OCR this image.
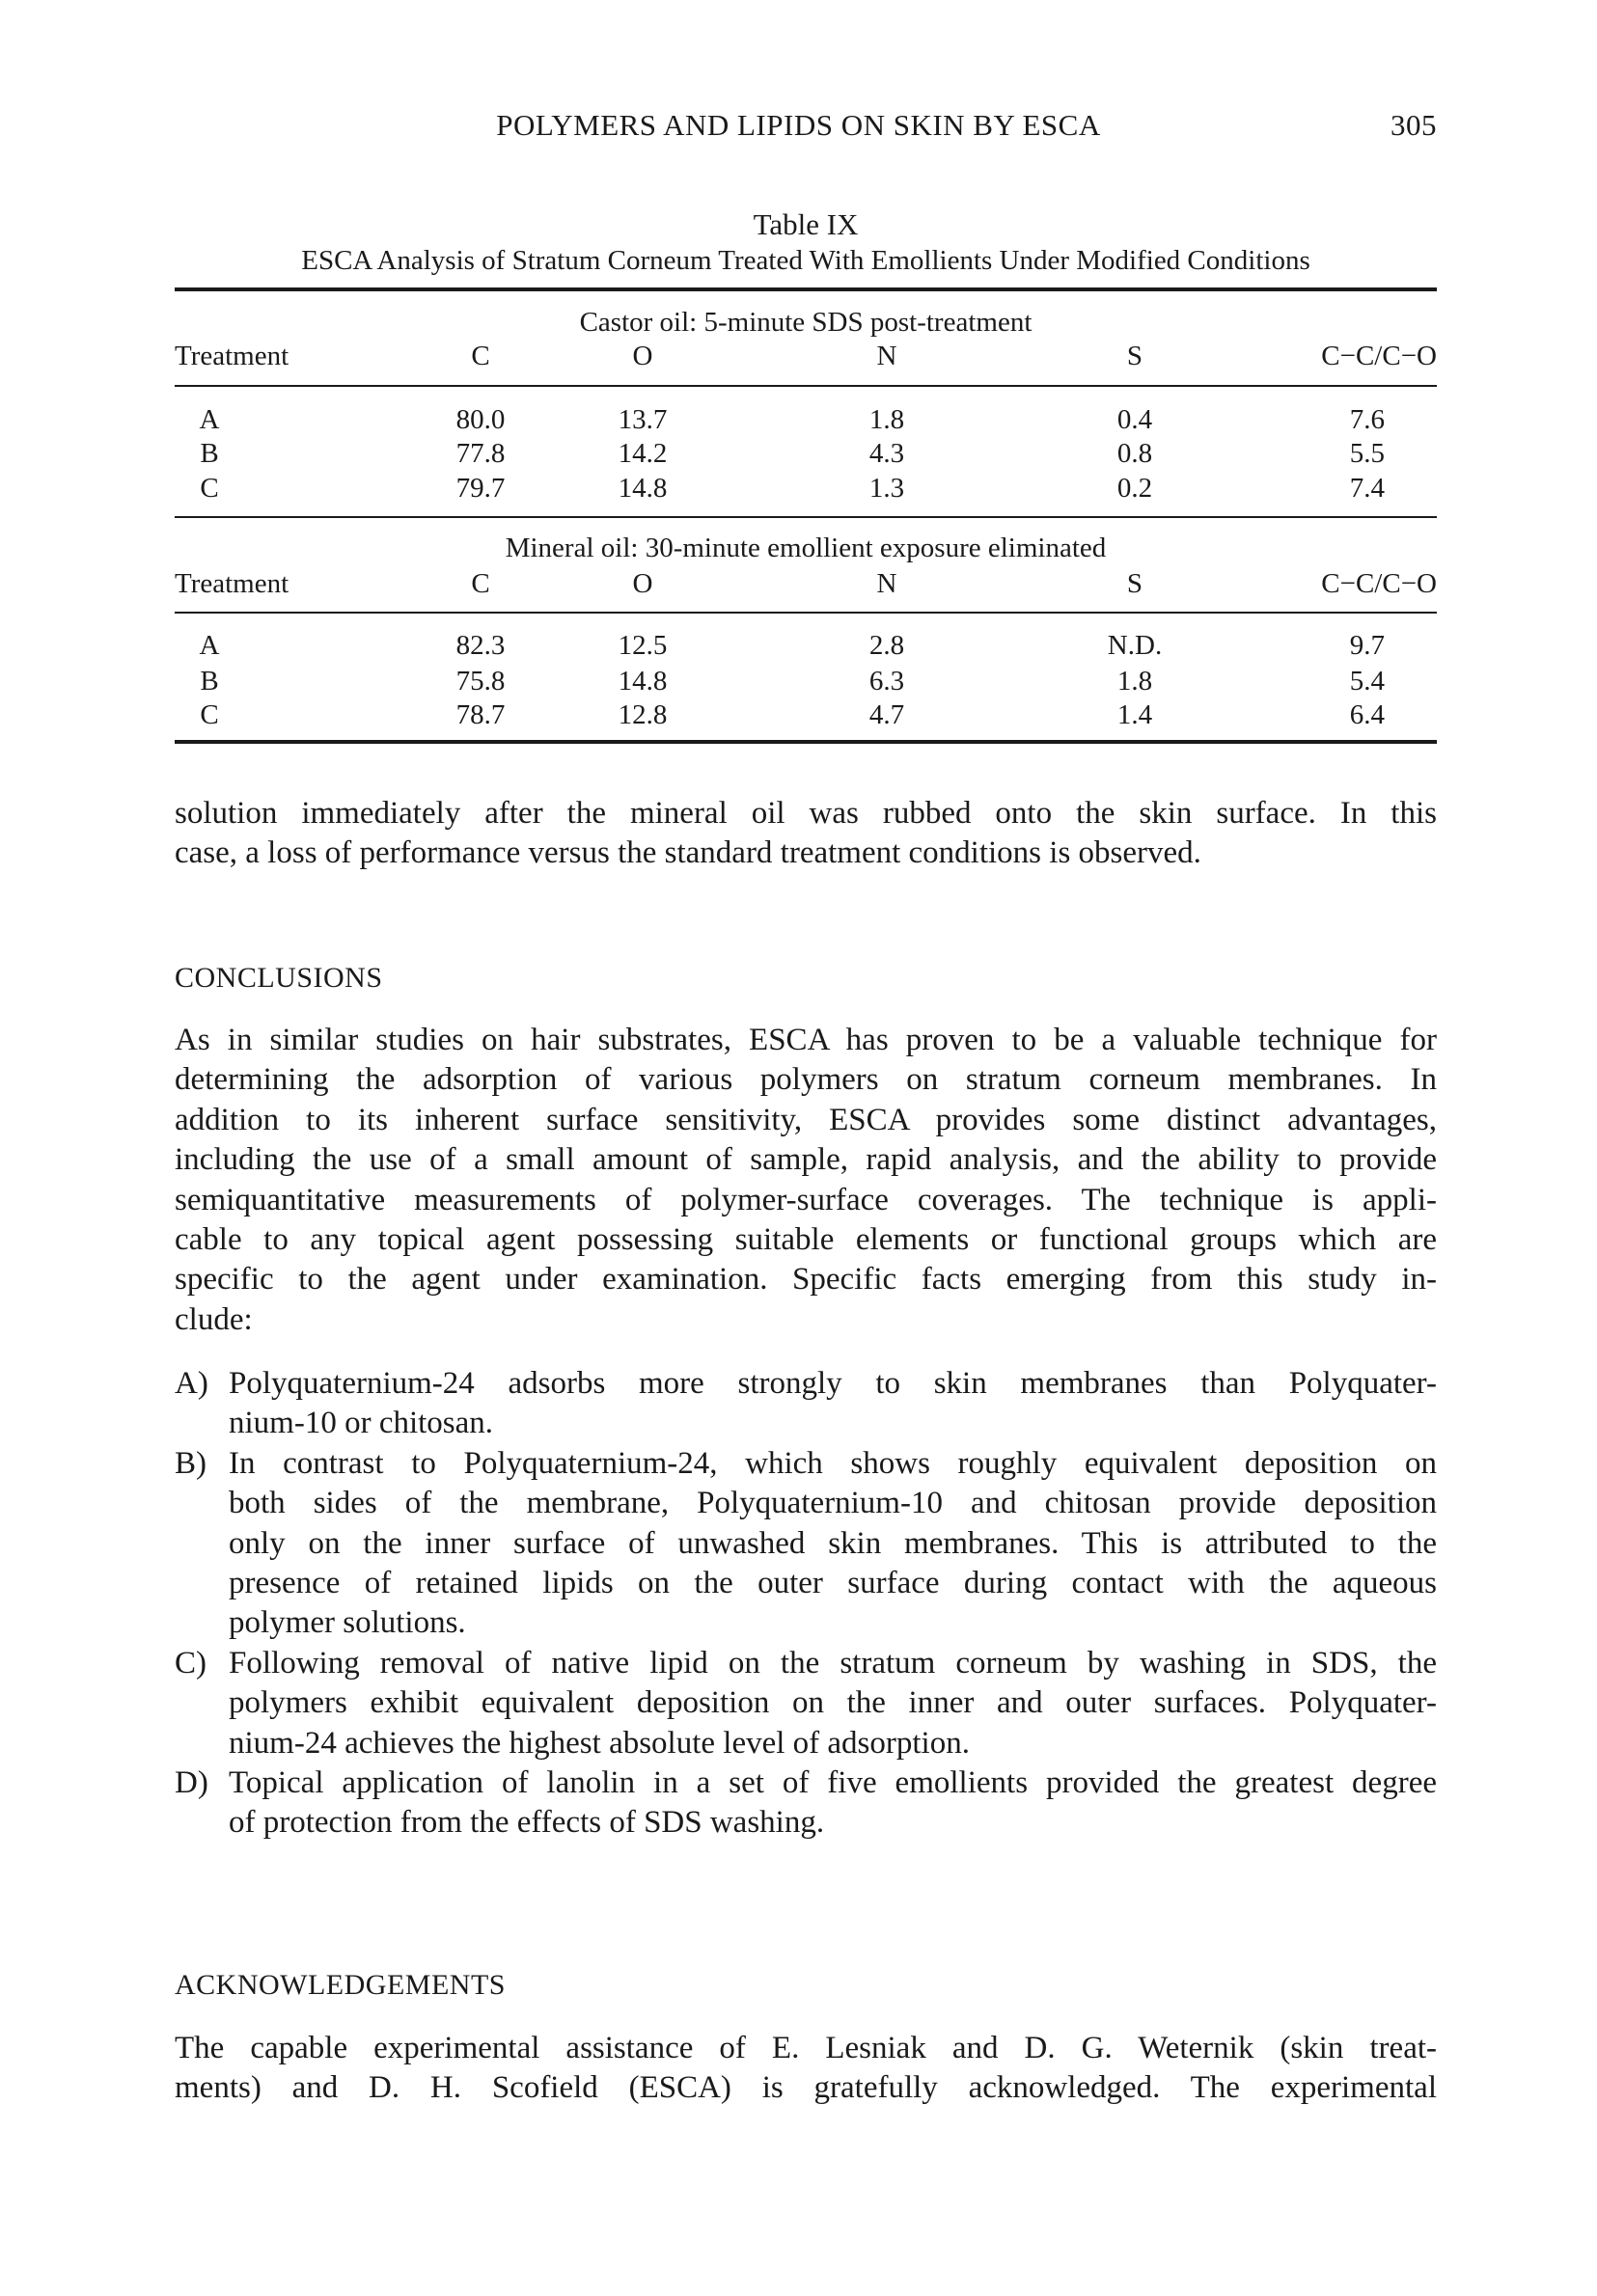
POLYMERS AND LIPIDS ON SKIN BY ESCA	305
Table IX
ESCA Analysis of Stratum Corneum Treated With Emollients Under Modified Conditions
Castor oil: 5-minute SDS post-treatment
Treatment	C	O	N	S	C−C/C−O
A	80.0	13.7	1.8	0.4	7.6
B	77.8	14.2	4.3	0.8	5.5
C	79.7	14.8	1.3	0.2	7.4
Mineral oil: 30-minute emollient exposure eliminated
Treatment	C	O	N	S	C−C/C−O
A	82.3	12.5	2.8	N.D.	9.7
B	75.8	14.8	6.3	1.8	5.4
C	78.7	12.8	4.7	1.4	6.4
solution immediately after the mineral oil was rubbed onto the skin surface. In this
case, a loss of performance versus the standard treatment conditions is observed.
CONCLUSIONS
As in similar studies on hair substrates, ESCA has proven to be a valuable technique for
determining the adsorption of various polymers on stratum corneum membranes. In
addition to its inherent surface sensitivity, ESCA provides some distinct advantages,
including the use of a small amount of sample, rapid analysis, and the ability to provide
semiquantitative measurements of polymer-surface coverages. The technique is appli-
cable to any topical agent possessing suitable elements or functional groups which are
specific to the agent under examination. Specific facts emerging from this study in-
clude:
A) Polyquaternium-24 adsorbs more strongly to skin membranes than Polyquater-
nium-10 or chitosan.
B) In contrast to Polyquaternium-24, which shows roughly equivalent deposition on
both sides of the membrane, Polyquaternium-10 and chitosan provide deposition
only on the inner surface of unwashed skin membranes. This is attributed to the
presence of retained lipids on the outer surface during contact with the aqueous
polymer solutions.
C) Following removal of native lipid on the stratum corneum by washing in SDS, the
polymers exhibit equivalent deposition on the inner and outer surfaces. Polyquater-
nium-24 achieves the highest absolute level of adsorption.
D) Topical application of lanolin in a set of five emollients provided the greatest degree
of protection from the effects of SDS washing.
ACKNOWLEDGEMENTS
The capable experimental assistance of E. Lesniak and D. G. Weternik (skin treat-
ments) and D. H. Scofield (ESCA) is gratefully acknowledged. The experimental
